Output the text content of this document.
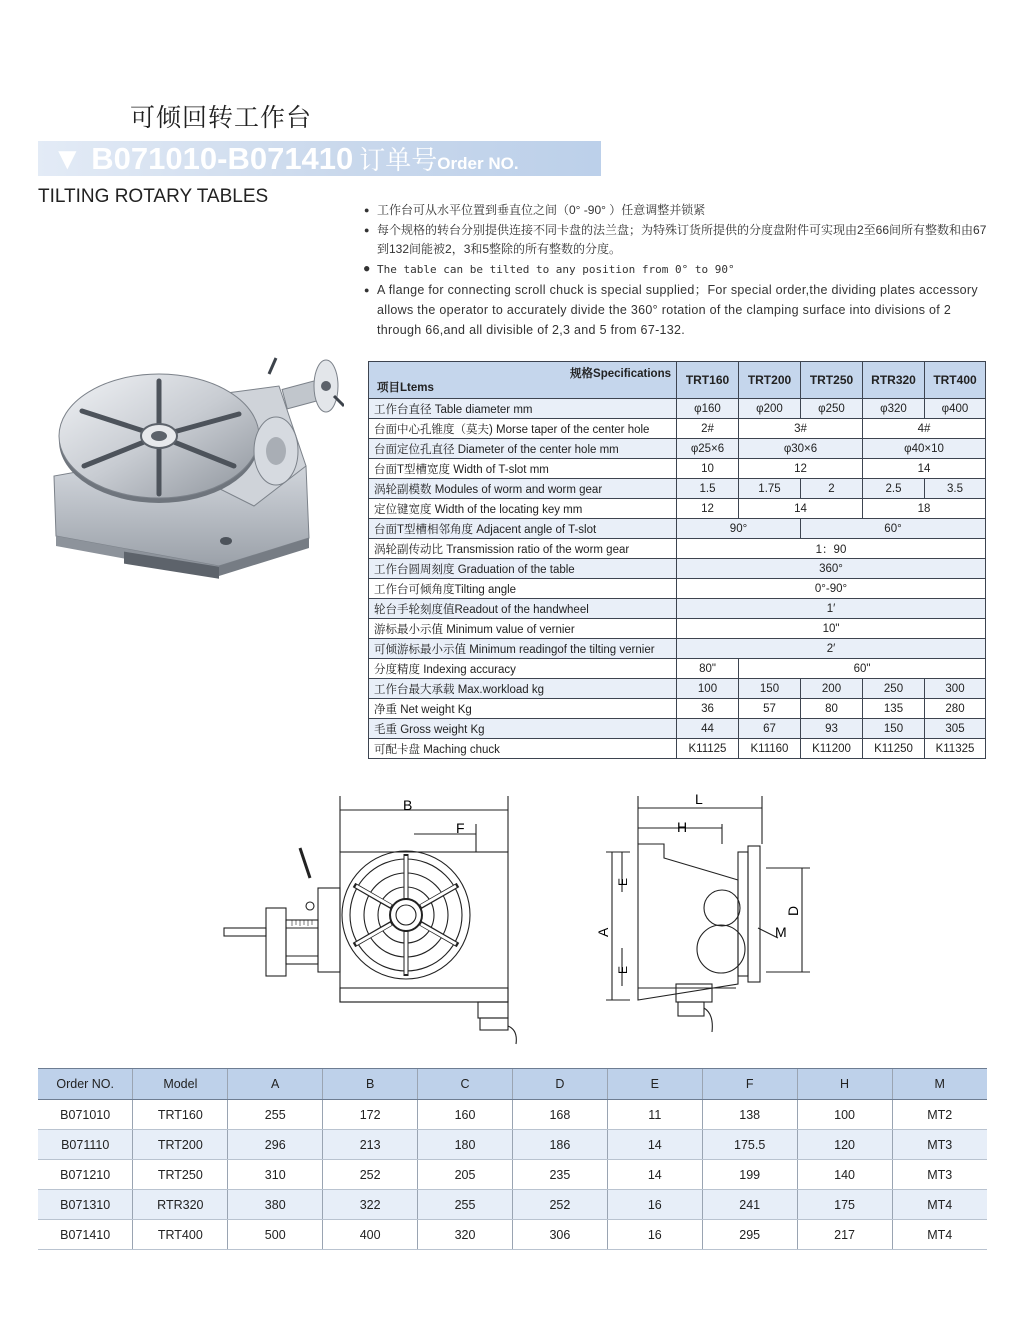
可倾回转工作台
▼ B071010-B071410 订单号Order NO.
TILTING ROTARY TABLES
● 工作台可从水平位置到垂直位之间（0° -90° ）任意调整并锁紧
● 每个规格的转台分别提供连接不同卡盘的法兰盘；为特殊订货所提供的分度盘附件可实现由2至66间所有整数和由67到132间能被2，3和5整除的所有整数的分度。
● The table can be tilted to any position from 0° to 90°
● A flange for connecting scroll chuck is special supplied；For special order,the dividing plates accessory allows the operator to accurately divide the 360° rotation of the clamping surface into divisions of 2 through 66,and all divisible of 2,3 and 5 from 67-132.
规格Specifications
项目Ltems	TRT160	TRT200	TRT250	RTR320	TRT400
工作台直径 Table diameter mm	φ160	φ200	φ250	φ320	φ400
台面中心孔锥度（莫夫) Morse taper of the center hole	2#	3#		4#	
台面定位孔直径 Diameter of the center hole mm	φ25×6	φ30×6		φ40×10	
台面T型槽宽度 Width of T-slot mm	10	12		14	
涡轮副模数 Modules of worm and worm gear	1.5	1.75	2	2.5	3.5
定位键宽度 Width of the locating key mm	12	14		18	
台面T型槽相邻角度 Adjacent angle of T-slot	90°		60°		
涡轮副传动比 Transmission ratio of the worm gear	1：90				
工作台圆周刻度 Graduation of the table	360°				
工作台可倾角度Tilting angle	0°-90°				
轮台手轮刻度值Readout of the handwheel	1′				
游标最小示值 Minimum value of vernier	10"				
可倾游标最小示值 Minimum readingof the tilting vernier	2′				
分度精度 Indexing accuracy	80"	60"			
工作台最大承载 Max.workload kg	100	150	200	250	300
净重 Net weight Kg	36	57	80	135	280
毛重 Gross weight Kg	44	67	93	150	305
可配卡盘 Maching chuck	K11125	K11160	K11200	K11250	K11325
B
F
L
H
E
E
A
D
M
Order NO.	Model	A	B	C	D	E	F	H	M
B071010	TRT160	255	172	160	168	11	138	100	MT2
B071110	TRT200	296	213	180	186	14	175.5	120	MT3
B071210	TRT250	310	252	205	235	14	199	140	MT3
B071310	RTR320	380	322	255	252	16	241	175	MT4
B071410	TRT400	500	400	320	306	16	295	217	MT4
